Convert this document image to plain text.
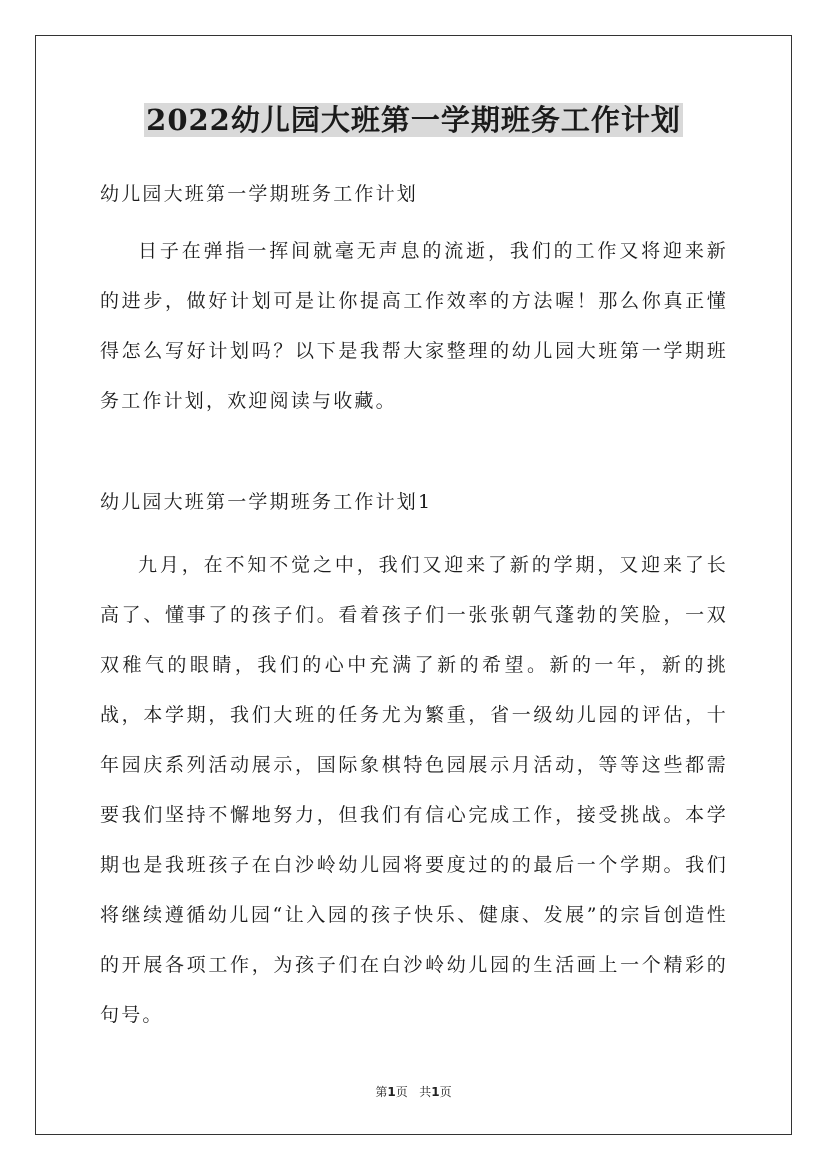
2022幼儿园大班第一学期班务工作计划

幼儿园大班第一学期班务工作计划

日子在弹指一挥间就毫无声息的流逝，我们的工作又将迎来新的进步，做好计划可是让你提高工作效率的方法喔！那么你真正懂得怎么写好计划吗？以下是我帮大家整理的幼儿园大班第一学期班务工作计划，欢迎阅读与收藏。

幼儿园大班第一学期班务工作计划1

九月，在不知不觉之中，我们又迎来了新的学期，又迎来了长高了、懂事了的孩子们。看着孩子们一张张朝气蓬勃的笑脸，一双双稚气的眼睛，我们的心中充满了新的希望。新的一年，新的挑战，本学期，我们大班的任务尤为繁重，省一级幼儿园的评估，十年园庆系列活动展示，国际象棋特色园展示月活动，等等这些都需要我们坚持不懈地努力，但我们有信心完成工作，接受挑战。本学期也是我班孩子在白沙岭幼儿园将要度过的的最后一个学期。我们将继续遵循幼儿园“让入园的孩子快乐、健康、发展”的宗旨创造性的开展各项工作，为孩子们在白沙岭幼儿园的生活画上一个精彩的句号。

第1页 共1页
